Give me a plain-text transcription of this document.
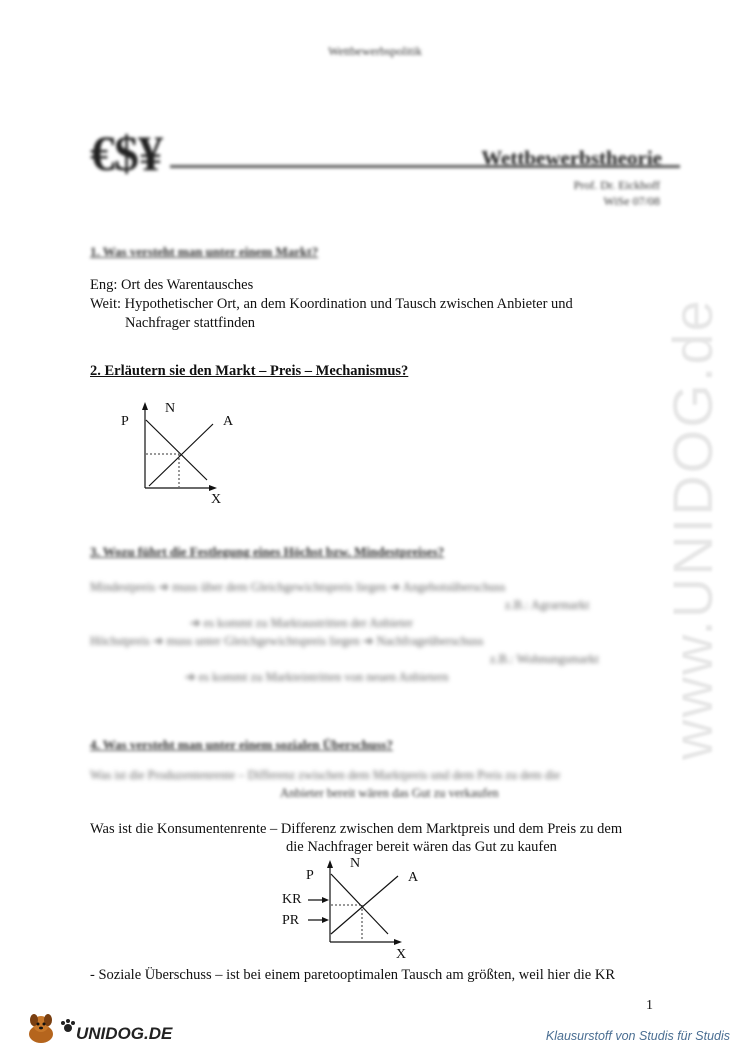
www.UNIDOG.de
Wettbewerbspolitik
€$¥	Wettbewerbstheorie
Prof. Dr. Eickhoff
WiSe 07/08
1. Was versteht man unter einem Markt?
Eng: Ort des Warentausches
Weit: Hypothetischer Ort, an dem Koordination und Tausch zwischen Anbieter und
Nachfrager stattfinden
2. Erläutern sie den Markt – Preis – Mechanismus?
P
N
A
X
3. Wozu führt die Festlegung eines Höchst bzw. Mindestpreises?
Mindestpreis ➔ muss über dem Gleichgewichtspreis liegen ➔ Angebotsüberschuss
z.B.: Agrarmarkt
➔ es kommt zu Marktaustritten der Anbieter
Höchstpreis ➔ muss unter Gleichgewichtspreis liegen ➔ Nachfrageüberschuss
z.B.: Wohnungsmarkt
➔ es kommt zu Markteintritten von neuen Anbietern
4. Was versteht man unter einem sozialen Überschuss?
Was ist die Produzentenrente – Differenz zwischen dem Marktpreis und dem Preis zu dem die
Anbieter bereit wären das Gut zu verkaufen
Was ist die Konsumentenrente – Differenz zwischen dem Marktpreis und dem Preis zu dem
die Nachfrager bereit wären das Gut zu kaufen
P
N
A
KR
PR
X
- Soziale Überschuss – ist bei einem paretooptimalen Tausch am größten, weil hier die KR
1
UNIDOG.DE	Klausurstoff von Studis für Studis
